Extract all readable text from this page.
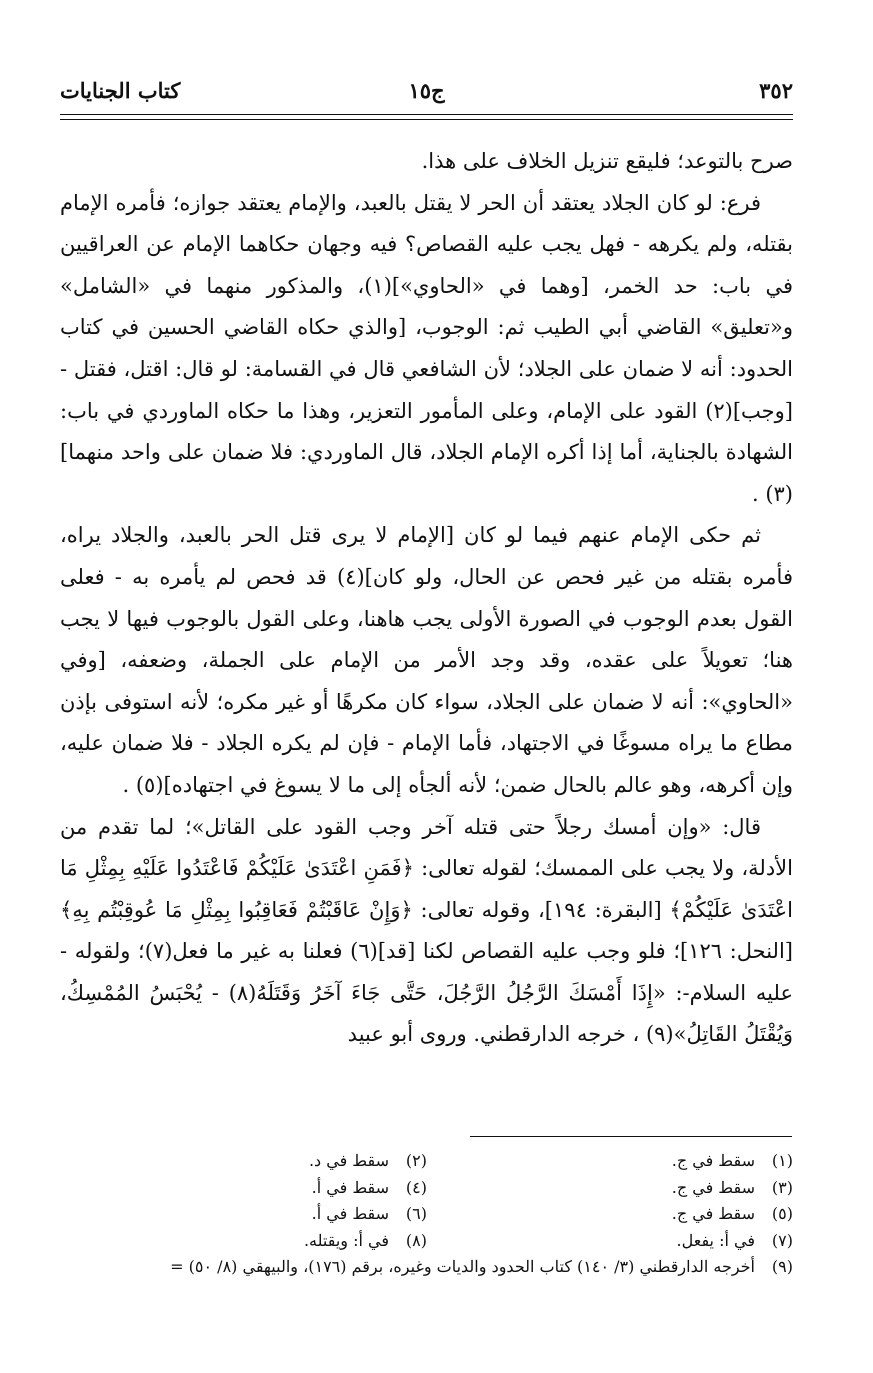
٣٥٢
ج١٥
كتاب الجنايات

صرح بالتوعد؛ فليقع تنزيل الخلاف على هذا.

فرع: لو كان الجلاد يعتقد أن الحر لا يقتل بالعبد، والإمام يعتقد جوازه؛ فأمره الإمام بقتله، ولم يكرهه - فهل يجب عليه القصاص؟ فيه وجهان حكاهما الإمام عن العراقيين في باب: حد الخمر، [وهما في «الحاوي»](١)، والمذكور منهما في «الشامل» و«تعليق» القاضي أبي الطيب ثم: الوجوب، [والذي حكاه القاضي الحسين في كتاب الحدود: أنه لا ضمان على الجلاد؛ لأن الشافعي قال في القسامة: لو قال: اقتل، فقتل - [وجب](٢) القود على الإمام، وعلى المأمور التعزير، وهذا ما حكاه الماوردي في باب: الشهادة بالجناية، أما إذا أكره الإمام الجلاد، قال الماوردي: فلا ضمان على واحد منهما](٣) .

ثم حكى الإمام عنهم فيما لو كان [الإمام لا يرى قتل الحر بالعبد، والجلاد يراه، فأمره بقتله من غير فحص عن الحال، ولو كان](٤) قد فحص لم يأمره به - فعلى القول بعدم الوجوب في الصورة الأولى يجب هاهنا، وعلى القول بالوجوب فيها لا يجب هنا؛ تعويلاً على عقده، وقد وجد الأمر من الإمام على الجملة، وضعفه، [وفي «الحاوي»: أنه لا ضمان على الجلاد، سواء كان مكرهًا أو غير مكره؛ لأنه استوفى بإذن مطاع ما يراه مسوغًا في الاجتهاد، فأما الإمام - فإن لم يكره الجلاد - فلا ضمان عليه، وإن أكرهه، وهو عالم بالحال ضمن؛ لأنه ألجأه إلى ما لا يسوغ في اجتهاده](٥) .

قال: «وإن أمسك رجلاً حتى قتله آخر وجب القود على القاتل»؛ لما تقدم من الأدلة، ولا يجب على الممسك؛ لقوله تعالى: ﴿فَمَنِ اعْتَدَىٰ عَلَيْكُمْ فَاعْتَدُوا عَلَيْهِ بِمِثْلِ مَا اعْتَدَىٰ عَلَيْكُمْ﴾ [البقرة: ١٩٤]، وقوله تعالى: ﴿وَإِنْ عَاقَبْتُمْ فَعَاقِبُوا بِمِثْلِ مَا عُوقِبْتُم بِهِ﴾ [النحل: ١٢٦]؛ فلو وجب عليه القصاص لكنا [قد](٦) فعلنا به غير ما فعل(٧)؛ ولقوله - عليه السلام-: «إِذَا أَمْسَكَ الرَّجُلُ الرَّجُلَ، حَتَّى جَاءَ آخَرُ وَقَتَلَهُ(٨) - يُحْبَسُ المُمْسِكُ، وَيُقْتَلُ القَاتِلُ»(٩) ، خرجه الدارقطني. وروى أبو عبيد

(١)سقط في ج.
(٢)سقط في د.
(٣)سقط في ج.
(٤)سقط في أ.
(٥)سقط في ج.
(٦)سقط في أ.
(٧)في أ: يفعل.
(٨)في أ: ويقتله.
(٩)أخرجه الدارقطني (٣/ ١٤٠) كتاب الحدود والديات وغيره، برقم (١٧٦)، والبيهقي (٨/ ٥٠) =
